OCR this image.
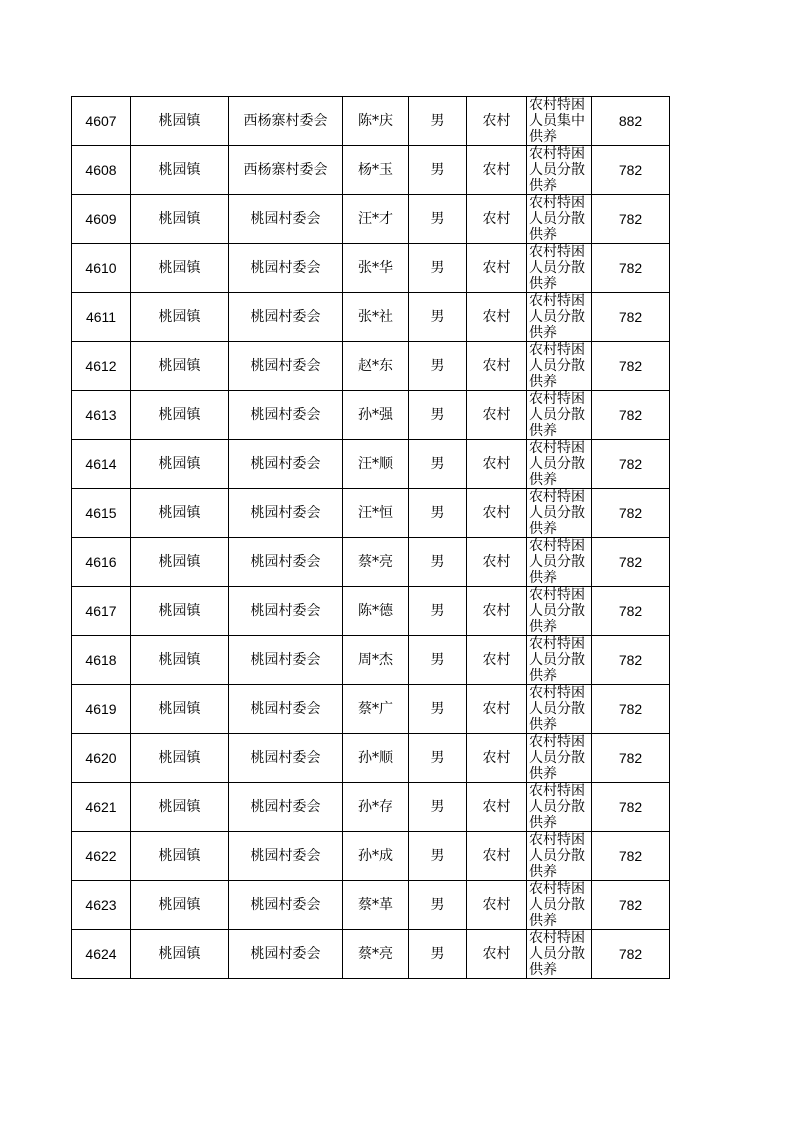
4607	桃园镇	西杨寨村委会	陈*庆	男	农村	农村特困人员集中供养	882
4608	桃园镇	西杨寨村委会	杨*玉	男	农村	农村特困人员分散供养	782
4609	桃园镇	桃园村委会	汪*才	男	农村	农村特困人员分散供养	782
4610	桃园镇	桃园村委会	张*华	男	农村	农村特困人员分散供养	782
4611	桃园镇	桃园村委会	张*社	男	农村	农村特困人员分散供养	782
4612	桃园镇	桃园村委会	赵*东	男	农村	农村特困人员分散供养	782
4613	桃园镇	桃园村委会	孙*强	男	农村	农村特困人员分散供养	782
4614	桃园镇	桃园村委会	汪*顺	男	农村	农村特困人员分散供养	782
4615	桃园镇	桃园村委会	汪*恒	男	农村	农村特困人员分散供养	782
4616	桃园镇	桃园村委会	蔡*亮	男	农村	农村特困人员分散供养	782
4617	桃园镇	桃园村委会	陈*德	男	农村	农村特困人员分散供养	782
4618	桃园镇	桃园村委会	周*杰	男	农村	农村特困人员分散供养	782
4619	桃园镇	桃园村委会	蔡*广	男	农村	农村特困人员分散供养	782
4620	桃园镇	桃园村委会	孙*顺	男	农村	农村特困人员分散供养	782
4621	桃园镇	桃园村委会	孙*存	男	农村	农村特困人员分散供养	782
4622	桃园镇	桃园村委会	孙*成	男	农村	农村特困人员分散供养	782
4623	桃园镇	桃园村委会	蔡*革	男	农村	农村特困人员分散供养	782
4624	桃园镇	桃园村委会	蔡*亮	男	农村	农村特困人员分散供养	782
